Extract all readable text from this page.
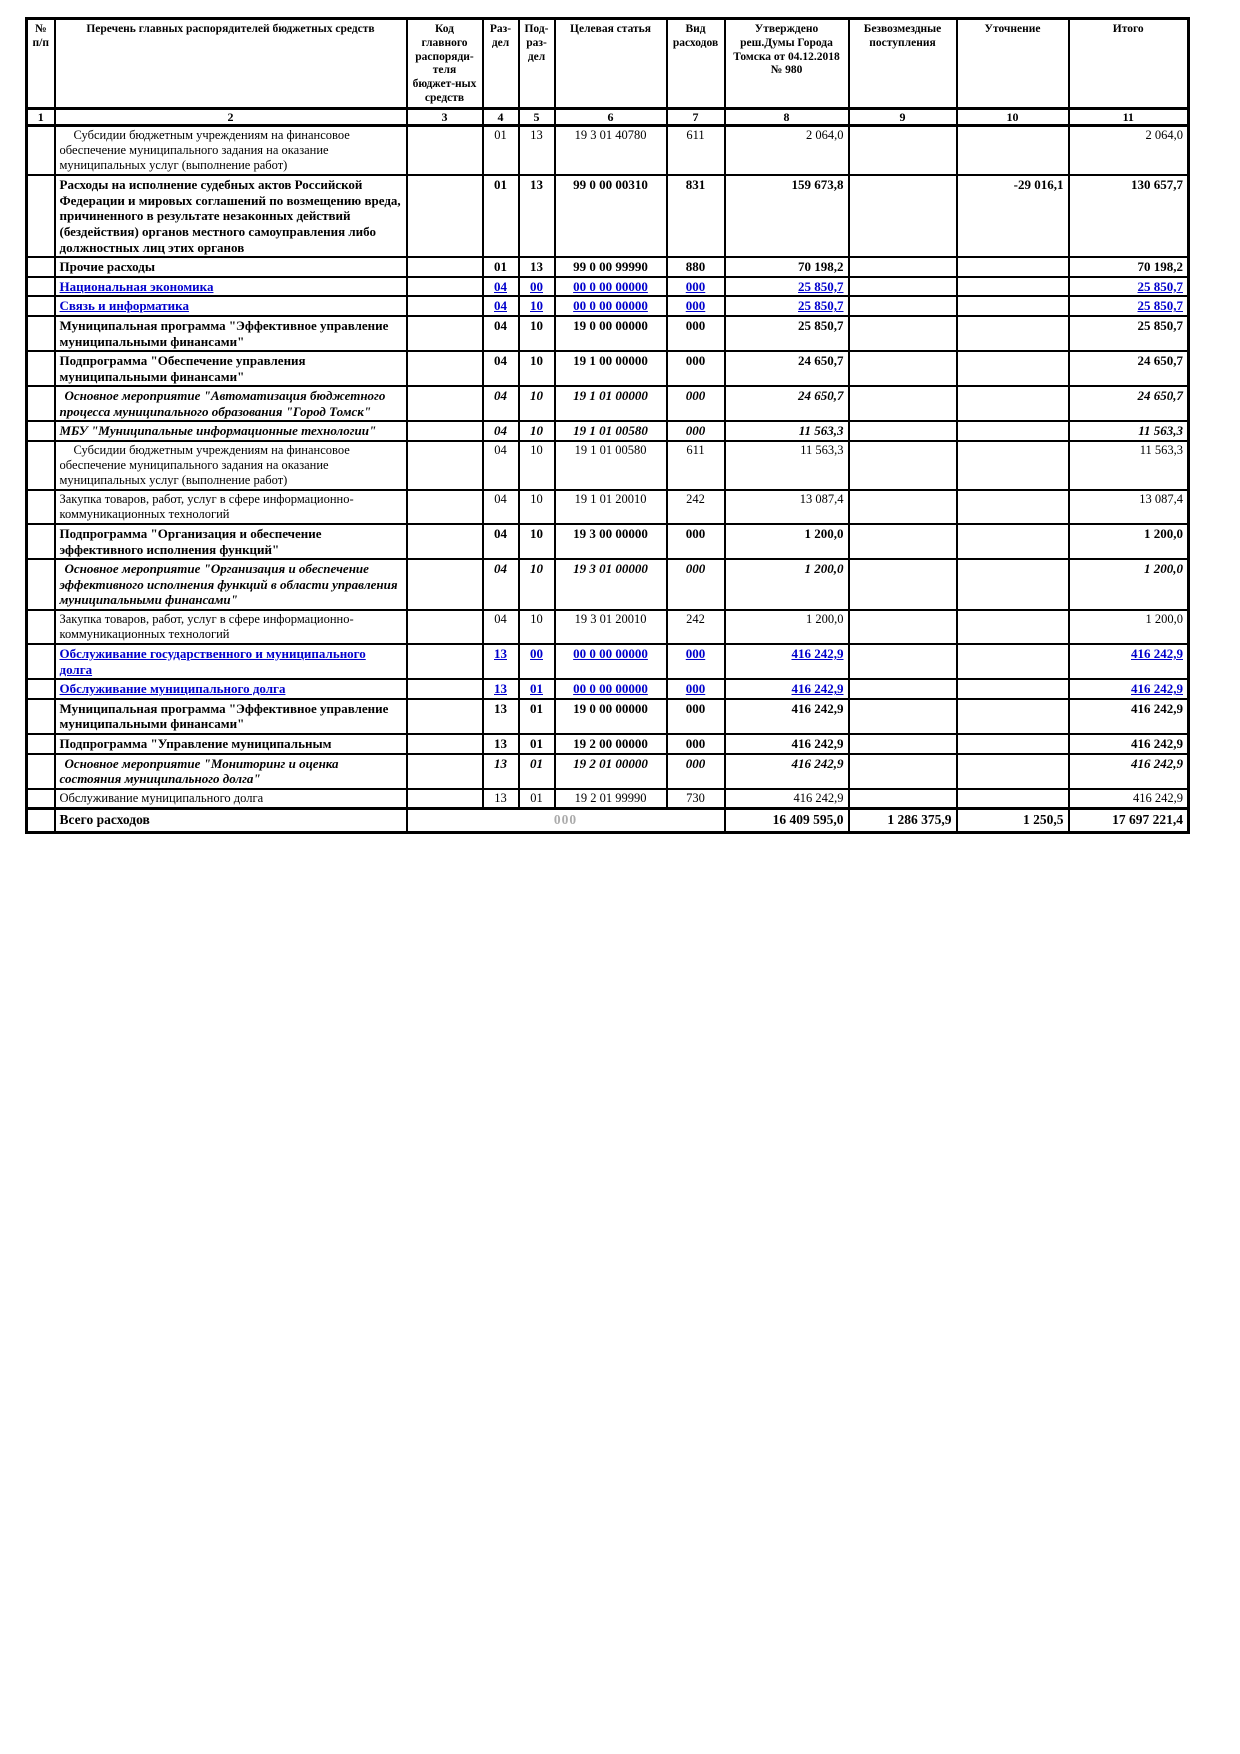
№ п/п	Перечень главных распорядителей бюджетных средств	Код главного распоряди-теля бюджет-ных средств	Раз-дел	Под-раз-дел	Целевая статья	Вид расходов	Утверждено реш.Думы Города Томска от 04.12.2018 № 980	Безвозмездные поступления	Уточнение	Итого
1	2	3	4	5	6	7	8	9	10	11
	Субсидии бюджетным учреждениям на финансовое обеспечение муниципального задания на оказание муниципальных услуг (выполнение работ)		01	13	19 3 01 40780	611	2 064,0			2 064,0
	Расходы на исполнение судебных актов Российской Федерации и мировых соглашений по возмещению вреда, причиненного в результате незаконных действий (бездействия) органов местного самоуправления либо должностных лиц этих органов		01	13	99 0 00 00310	831	159 673,8		-29 016,1	130 657,7
	Прочие расходы		01	13	99 0 00 99990	880	70 198,2			70 198,2
	Национальная экономика		04	00	00 0 00 00000	000	25 850,7			25 850,7
	Связь и информатика		04	10	00 0 00 00000	000	25 850,7			25 850,7
	Муниципальная программа "Эффективное управление муниципальными финансами"		04	10	19 0 00 00000	000	25 850,7			25 850,7
	Подпрограмма "Обеспечение управления муниципальными финансами"		04	10	19 1 00 00000	000	24 650,7			24 650,7
	Основное мероприятие "Автоматизация бюджетного процесса муниципального образования "Город Томск"		04	10	19 1 01 00000	000	24 650,7			24 650,7
	МБУ "Муниципальные информационные технологии"		04	10	19 1 01 00580	000	11 563,3			11 563,3
	Субсидии бюджетным учреждениям на финансовое обеспечение муниципального задания на оказание муниципальных услуг (выполнение работ)		04	10	19 1 01 00580	611	11 563,3			11 563,3
	Закупка товаров, работ, услуг в сфере информационно-коммуникационных технологий		04	10	19 1 01 20010	242	13 087,4			13 087,4
	Подпрограмма "Организация и обеспечение эффективного исполнения функций"		04	10	19 3 00 00000	000	1 200,0			1 200,0
	Основное мероприятие "Организация и обеспечение эффективного исполнения функций в области управления муниципальными финансами"		04	10	19 3 01 00000	000	1 200,0			1 200,0
	Закупка товаров, работ, услуг в сфере информационно-коммуникационных технологий		04	10	19 3 01 20010	242	1 200,0			1 200,0
	Обслуживание государственного и муниципального долга		13	00	00 0 00 00000	000	416 242,9			416 242,9
	Обслуживание муниципального долга		13	01	00 0 00 00000	000	416 242,9			416 242,9
	Муниципальная программа "Эффективное управление муниципальными финансами"		13	01	19 0 00 00000	000	416 242,9			416 242,9
	Подпрограмма "Управление муниципальным		13	01	19 2 00 00000	000	416 242,9			416 242,9
	Основное мероприятие "Мониторинг и оценка состояния муниципального долга"		13	01	19 2 01 00000	000	416 242,9			416 242,9
	Обслуживание муниципального долга		13	01	19 2 01 99990	730	416 242,9			416 242,9
	Всего расходов	000					16 409 595,0	1 286 375,9	1 250,5	17 697 221,4
